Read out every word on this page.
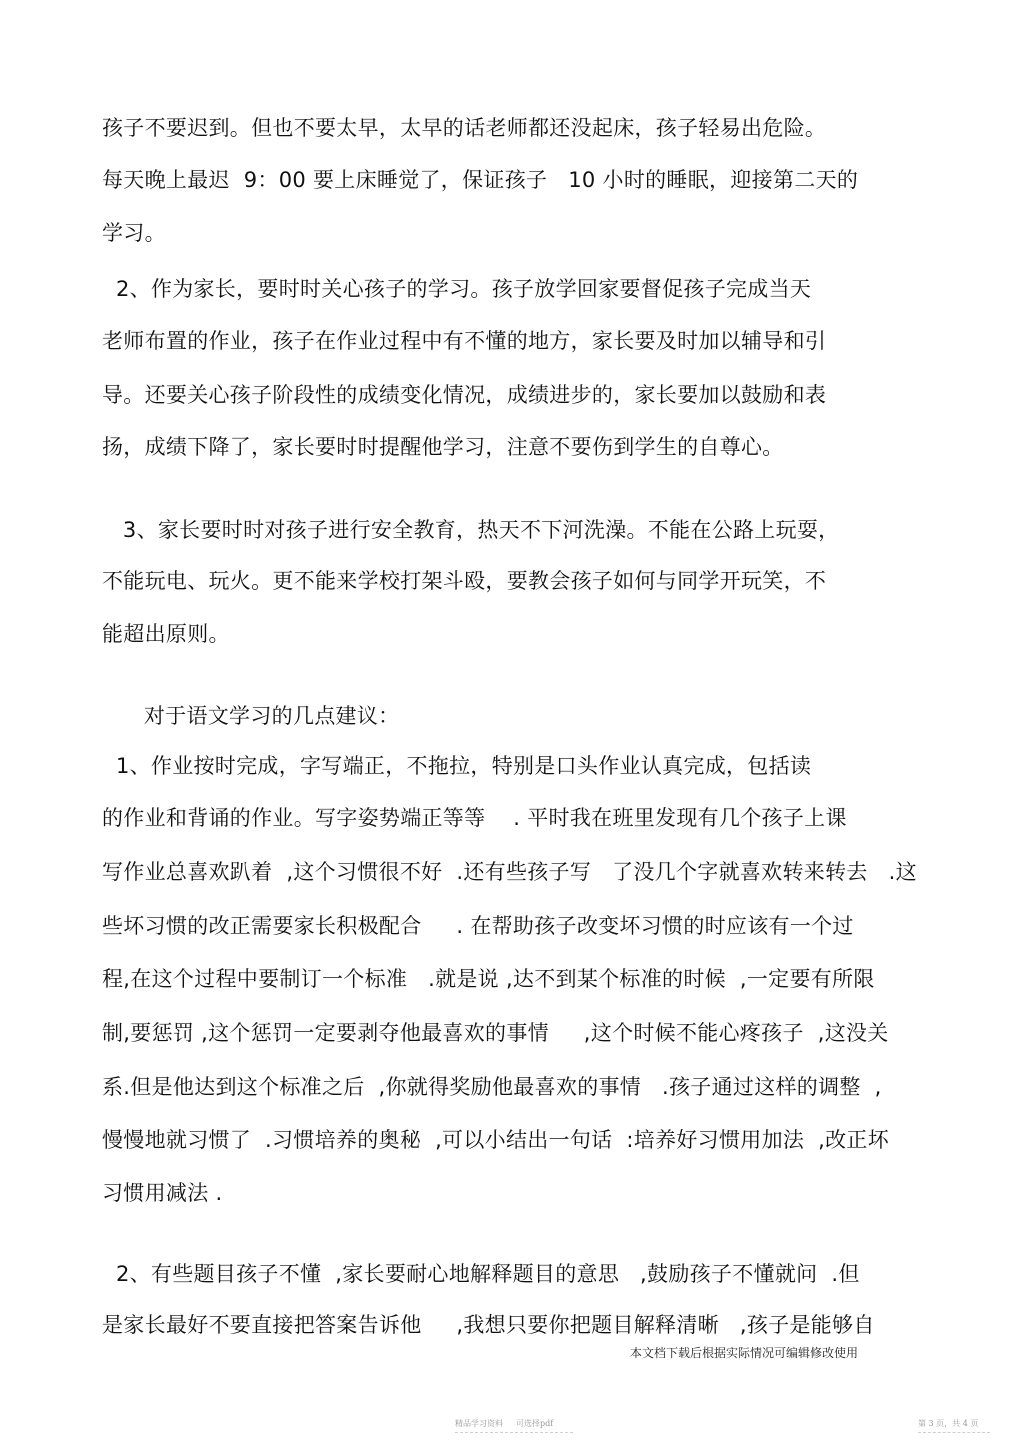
孩子不要迟到。但也不要太早，太早的话老师都还没起床，孩子轻易出危险。
每天晚上最迟  9：00 要上床睡觉了，保证孩子   10 小时的睡眠，迎接第二天的
学习。
2、作为家长，要时时关心孩子的学习。孩子放学回家要督促孩子完成当天
老师布置的作业，孩子在作业过程中有不懂的地方，家长要及时加以辅导和引
导。还要关心孩子阶段性的成绩变化情况，成绩进步的，家长要加以鼓励和表
扬，成绩下降了，家长要时时提醒他学习，注意不要伤到学生的自尊心。
3、家长要时时对孩子进行安全教育，热天不下河洗澡。不能在公路上玩耍，
不能玩电、玩火。更不能来学校打架斗殴，要教会孩子如何与同学开玩笑，不
能超出原则。
对于语文学习的几点建议：
1、作业按时完成，字写端正，不拖拉，特别是口头作业认真完成，包括读
的作业和背诵的作业。写字姿势端正等等    . 平时我在班里发现有几个孩子上课
写作业总喜欢趴着  ,这个习惯很不好  .还有些孩子写   了没几个字就喜欢转来转去   .这
些坏习惯的改正需要家长积极配合     . 在帮助孩子改变坏习惯的时应该有一个过
程,在这个过程中要制订一个标准   .就是说 ,达不到某个标准的时候  ,一定要有所限
制,要惩罚 ,这个惩罚一定要剥夺他最喜欢的事情     ,这个时候不能心疼孩子  ,这没关
系.但是他达到这个标准之后  ,你就得奖励他最喜欢的事情   .孩子通过这样的调整  ,
慢慢地就习惯了  .习惯培养的奥秘  ,可以小结出一句话  :培养好习惯用加法  ,改正坏
习惯用减法 .
2、有些题目孩子不懂  ,家长要耐心地解释题目的意思   ,鼓励孩子不懂就问  .但
是家长最好不要直接把答案告诉他     ,我想只要你把题目解释清晰   ,孩子是能够自
本文档下载后根据实际情况可编辑修改使用
精品学习资料 可选择pdf	第 3 页，共 4 页
